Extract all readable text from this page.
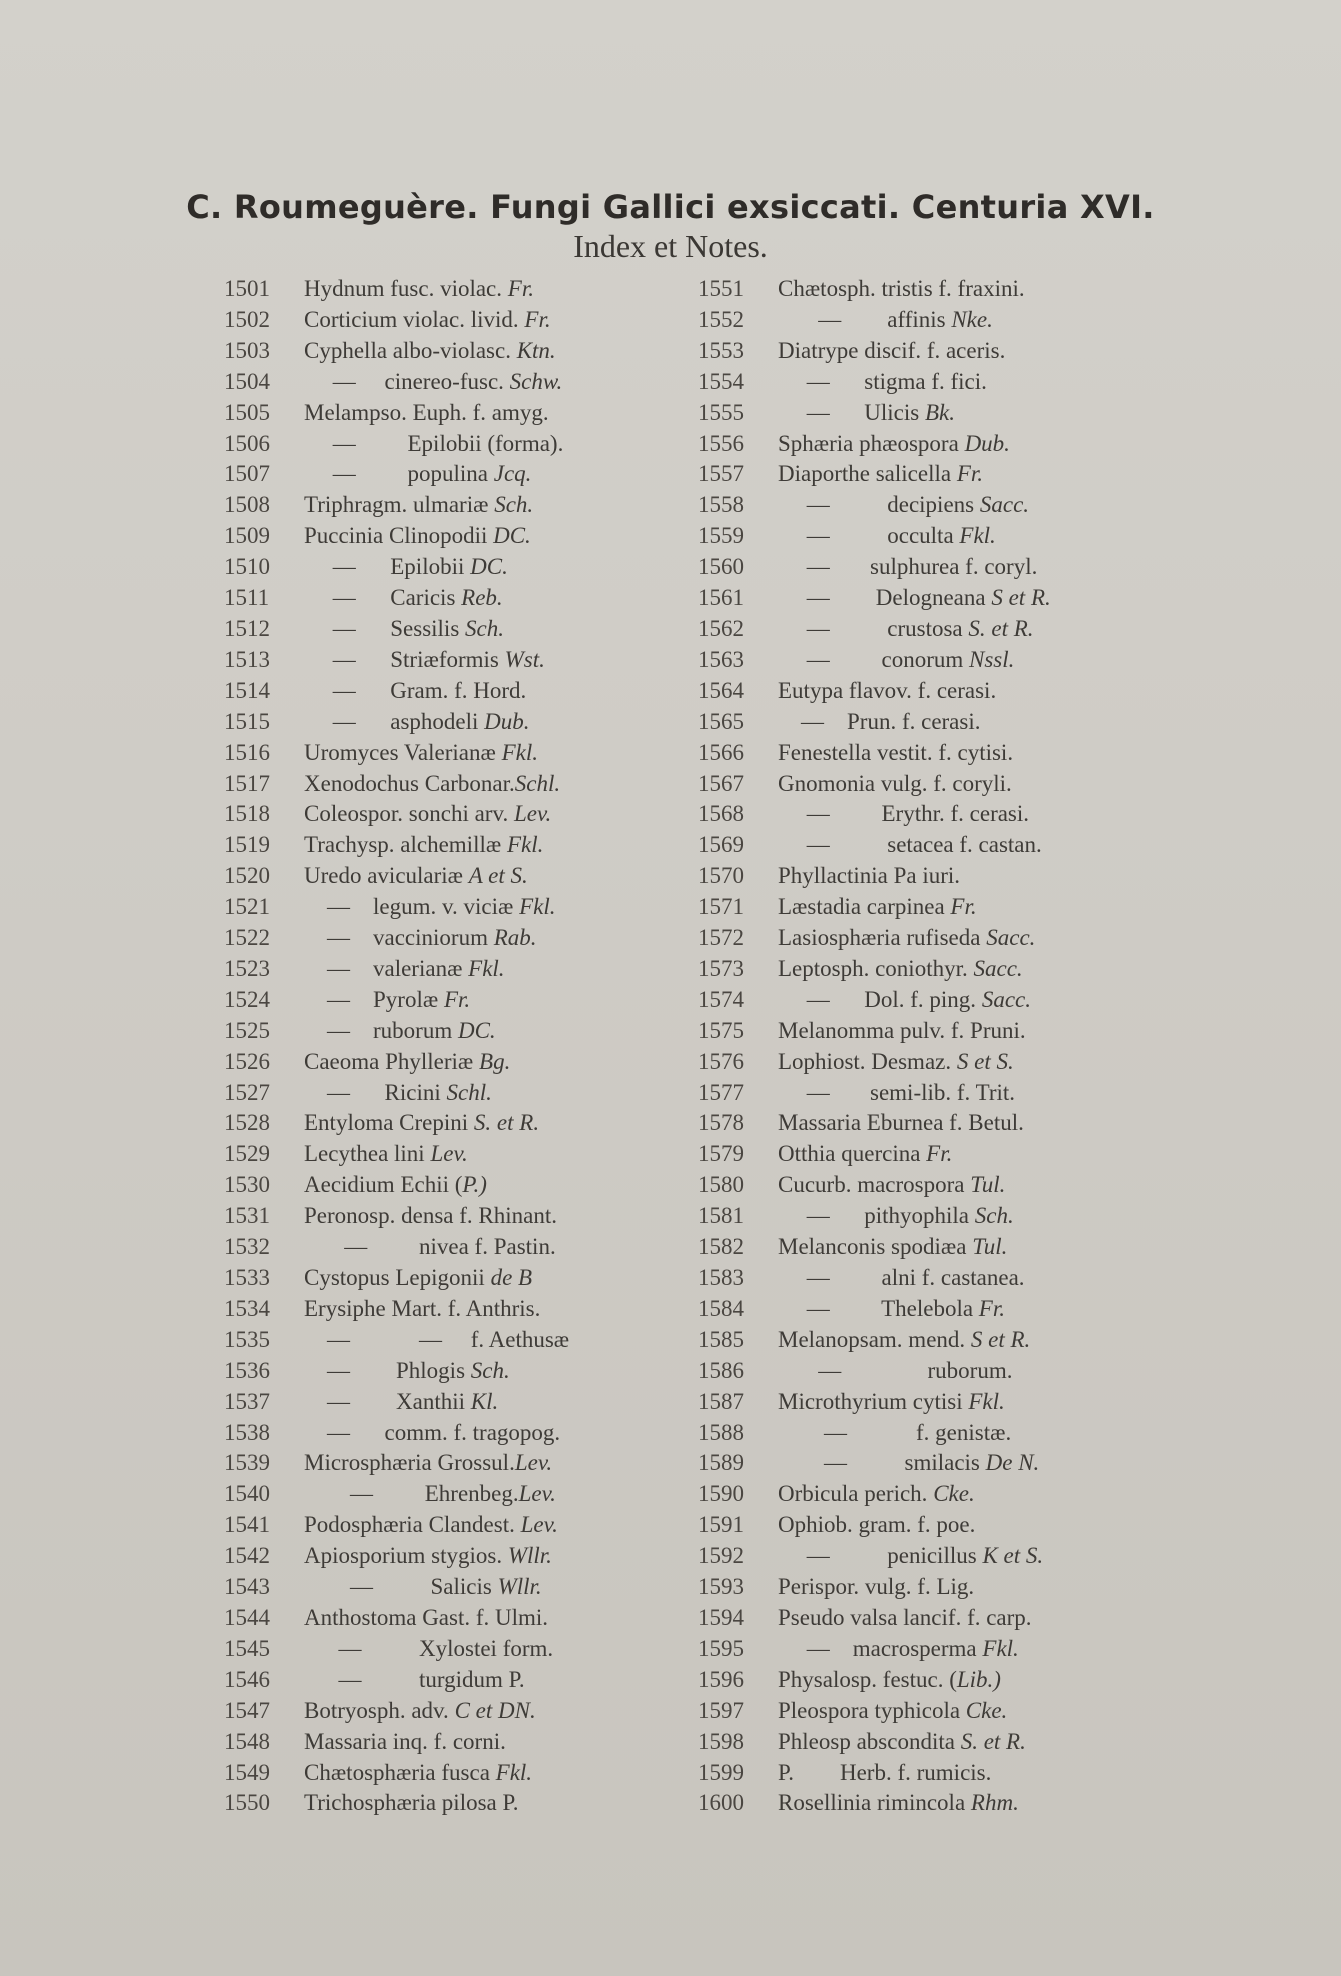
C. Roumeguère. Fungi Gallici exsiccati. Centuria XVI.
Index et Notes.
1501	Hydnum fusc. violac. Fr.
1502	Corticium violac. livid. Fr.
1503	Cyphella albo-violasc. Ktn.
1504	—     cinereo-fusc. Schw.
1505	Melampso. Euph. f. amyg.
1506	—         Epilobii (forma).
1507	—         populina Jcq.
1508	Triphragm. ulmariæ Sch.
1509	Puccinia Clinopodii DC.
1510	—      Epilobii DC.
1511	—      Caricis Reb.
1512	—      Sessilis Sch.
1513	—      Striæformis Wst.
1514	—      Gram. f. Hord.
1515	—      asphodeli Dub.
1516	Uromyces Valerianæ Fkl.
1517	Xenodochus Carbonar.Schl.
1518	Coleospor. sonchi arv. Lev.
1519	Trachysp. alchemillæ Fkl.
1520	Uredo aviculariæ A et S.
1521	—    legum. v. viciæ Fkl.
1522	—    vacciniorum Rab.
1523	—    valerianæ Fkl.
1524	—    Pyrolæ Fr.
1525	—    ruborum DC.
1526	Caeoma Phylleriæ Bg.
1527	—      Ricini Schl.
1528	Entyloma Crepini S. et R.
1529	Lecythea lini Lev.
1530	Aecidium Echii (P.)
1531	Peronosp. densa f. Rhinant.
1532	—         nivea f. Pastin.
1533	Cystopus Lepigonii de B
1534	Erysiphe Mart. f. Anthris.
1535	—            —     f. Aethusæ
1536	—        Phlogis Sch.
1537	—        Xanthii Kl.
1538	—      comm. f. tragopog.
1539	Microsphæria Grossul.Lev.
1540	—         Ehrenbeg.Lev.
1541	Podosphæria Clandest. Lev.
1542	Apiosporium stygios. Wllr.
1543	—          Salicis Wllr.
1544	Anthostoma Gast. f. Ulmi.
1545	—          Xylostei form.
1546	—          turgidum P.
1547	Botryosph. adv. C et DN.
1548	Massaria inq. f. corni.
1549	Chætosphæria fusca Fkl.
1550	Trichosphæria pilosa P.
1551	Chætosph. tristis f. fraxini.
1552	—        affinis Nke.
1553	Diatrype discif. f. aceris.
1554	—      stigma f. fici.
1555	—      Ulicis Bk.
1556	Sphæria phæospora Dub.
1557	Diaporthe salicella Fr.
1558	—          decipiens Sacc.
1559	—          occulta Fkl.
1560	—       sulphurea f. coryl.
1561	—        Delogneana S et R.
1562	—          crustosa S. et R.
1563	—         conorum Nssl.
1564	Eutypa flavov. f. cerasi.
1565	—    Prun. f. cerasi.
1566	Fenestella vestit. f. cytisi.
1567	Gnomonia vulg. f. coryli.
1568	—         Erythr. f. cerasi.
1569	—          setacea f. castan.
1570	Phyllactinia Pa iuri.
1571	Læstadia carpinea Fr.
1572	Lasiosphæria rufiseda Sacc.
1573	Leptosph. coniothyr. Sacc.
1574	—      Dol. f. ping. Sacc.
1575	Melanomma pulv. f. Pruni.
1576	Lophiost. Desmaz. S et S.
1577	—       semi-lib. f. Trit.
1578	Massaria Eburnea f. Betul.
1579	Otthia quercina Fr.
1580	Cucurb. macrospora Tul.
1581	—      pithyophila Sch.
1582	Melanconis spodiæa Tul.
1583	—         alni f. castanea.
1584	—         Thelebola Fr.
1585	Melanopsam. mend. S et R.
1586	—               ruborum.
1587	Microthyrium cytisi Fkl.
1588	—            f. genistæ.
1589	—          smilacis De N.
1590	Orbicula perich. Cke.
1591	Ophiob. gram. f. poe.
1592	—          penicillus K et S.
1593	Perispor. vulg. f. Lig.
1594	Pseudo valsa lancif. f. carp.
1595	—    macrosperma Fkl.
1596	Physalosp. festuc. (Lib.)
1597	Pleospora typhicola Cke.
1598	Phleosp abscondita S. et R.
1599	P.        Herb. f. rumicis.
1600	Rosellinia rimincola Rhm.
